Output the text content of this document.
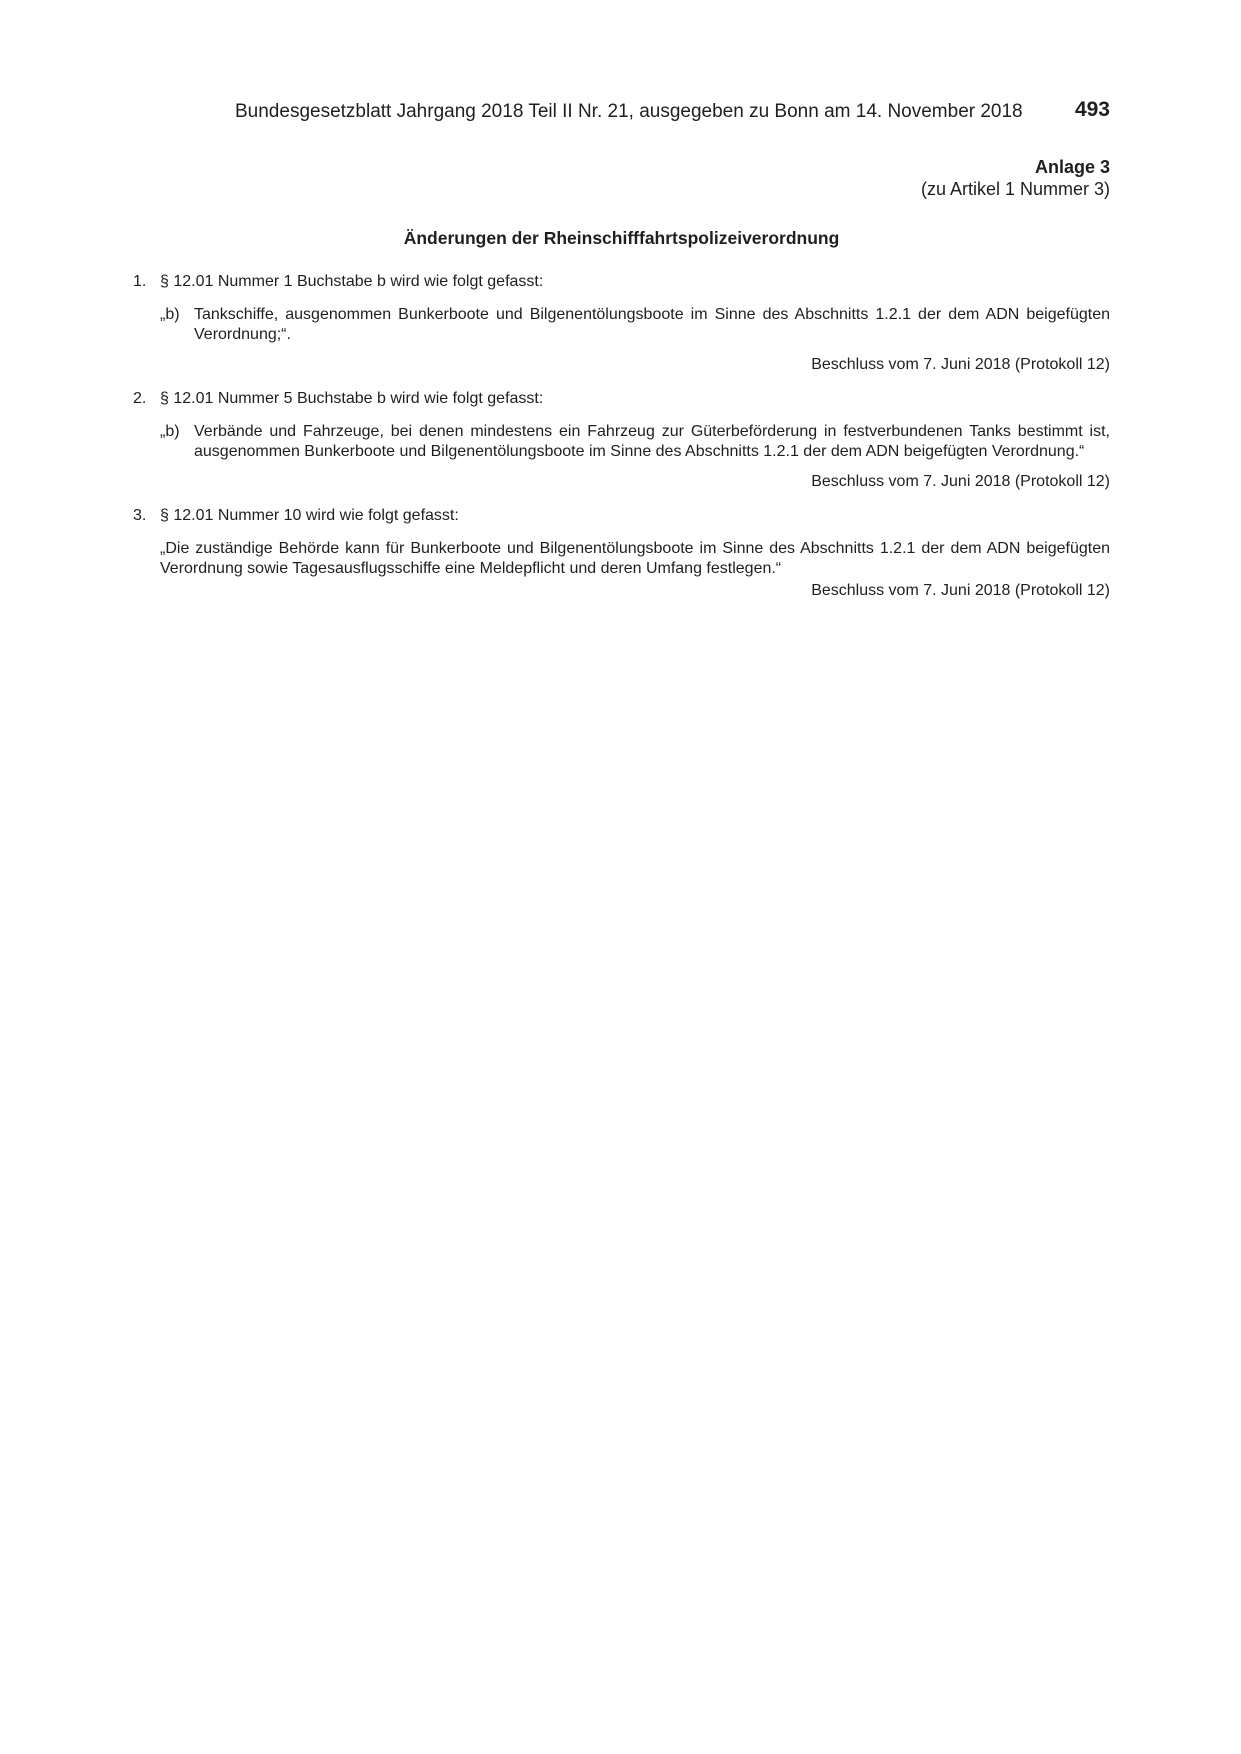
Bundesgesetzblatt Jahrgang 2018 Teil II Nr. 21, ausgegeben zu Bonn am 14. November 2018 493
Anlage 3
(zu Artikel 1 Nummer 3)
Änderungen der Rheinschifffahrtspolizeiverordnung
1. § 12.01 Nummer 1 Buchstabe b wird wie folgt gefasst:
„b) Tankschiffe, ausgenommen Bunkerboote und Bilgenentölungsboote im Sinne des Abschnitts 1.2.1 der dem ADN beigefügten Verordnung;“.
Beschluss vom 7. Juni 2018 (Protokoll 12)
2. § 12.01 Nummer 5 Buchstabe b wird wie folgt gefasst:
„b) Verbände und Fahrzeuge, bei denen mindestens ein Fahrzeug zur Güterbeförderung in festverbundenen Tanks bestimmt ist, ausgenommen Bunkerboote und Bilgenentölungsboote im Sinne des Abschnitts 1.2.1 der dem ADN beigefügten Verordnung.“
Beschluss vom 7. Juni 2018 (Protokoll 12)
3. § 12.01 Nummer 10 wird wie folgt gefasst:
„Die zuständige Behörde kann für Bunkerboote und Bilgenentölungsboote im Sinne des Abschnitts 1.2.1 der dem ADN beigefügten Verordnung sowie Tagesausflugsschiffe eine Meldepflicht und deren Umfang festlegen.“
Beschluss vom 7. Juni 2018 (Protokoll 12)
